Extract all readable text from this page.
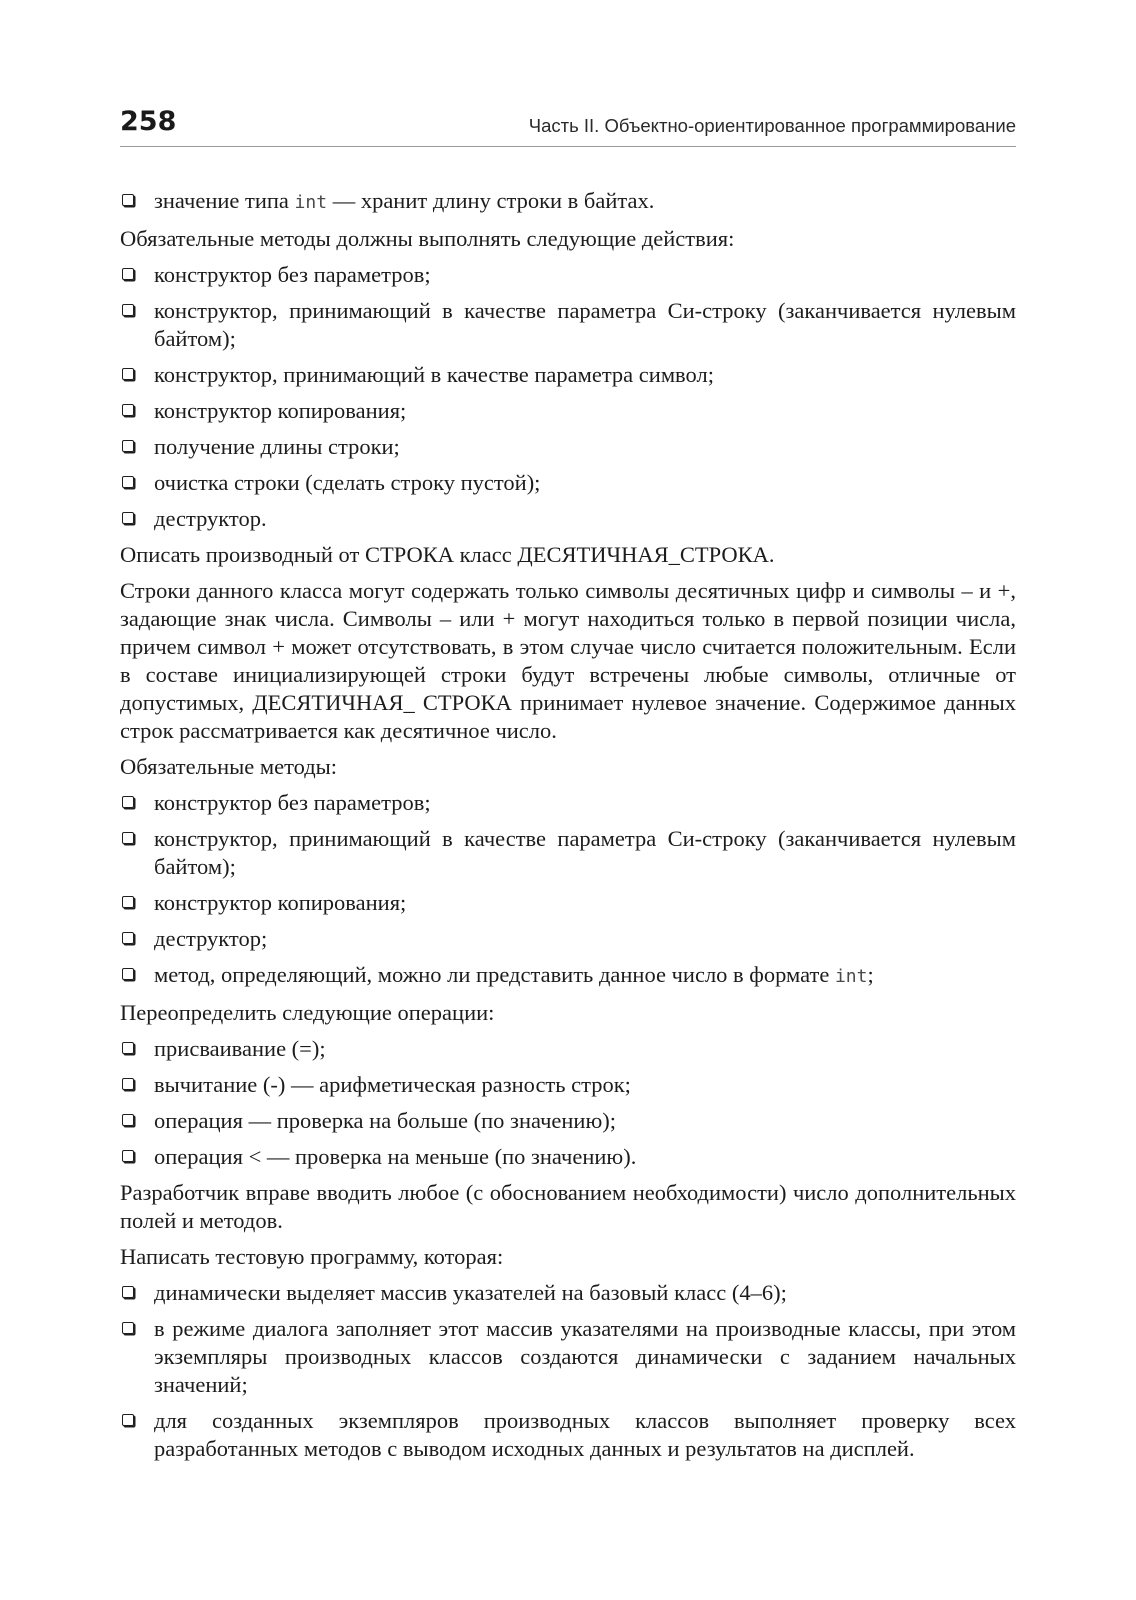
258	Часть II. Объектно-ориентированное программирование
значение типа int — хранит длину строки в байтах.

Обязательные методы должны выполнять следующие действия:

конструктор без параметров;
конструктор, принимающий в качестве параметра Си-строку (заканчивается нулевым байтом);
конструктор, принимающий в качестве параметра символ;
конструктор копирования;
получение длины строки;
очистка строки (сделать строку пустой);
деструктор.

Описать производный от СТРОКА класс ДЕСЯТИЧНАЯ_СТРОКА.

Строки данного класса могут содержать только символы десятичных цифр и символы – и +, задающие знак числа. Символы – или + могут находиться только в первой позиции числа, причем символ + может отсутствовать, в этом случае число считается положительным. Если в составе инициализирующей строки будут встречены любые символы, отличные от допустимых, ДЕСЯТИЧНАЯ_ СТРОКА принимает нулевое значение. Содержимое данных строк рассматривается как десятичное число.

Обязательные методы:

конструктор без параметров;
конструктор, принимающий в качестве параметра Си-строку (заканчивается нулевым байтом);
конструктор копирования;
деструктор;
метод, определяющий, можно ли представить данное число в формате int;

Переопределить следующие операции:

присваивание (=);
вычитание (-) — арифметическая разность строк;
операция — проверка на больше (по значению);
операция < — проверка на меньше (по значению).

Разработчик вправе вводить любое (с обоснованием необходимости) число дополнительных полей и методов.

Написать тестовую программу, которая:

динамически выделяет массив указателей на базовый класс (4–6);
в режиме диалога заполняет этот массив указателями на производные классы, при этом экземпляры производных классов создаются динамически с заданием начальных значений;
для созданных экземпляров производных классов выполняет проверку всех разработанных методов с выводом исходных данных и результатов на дисплей.
